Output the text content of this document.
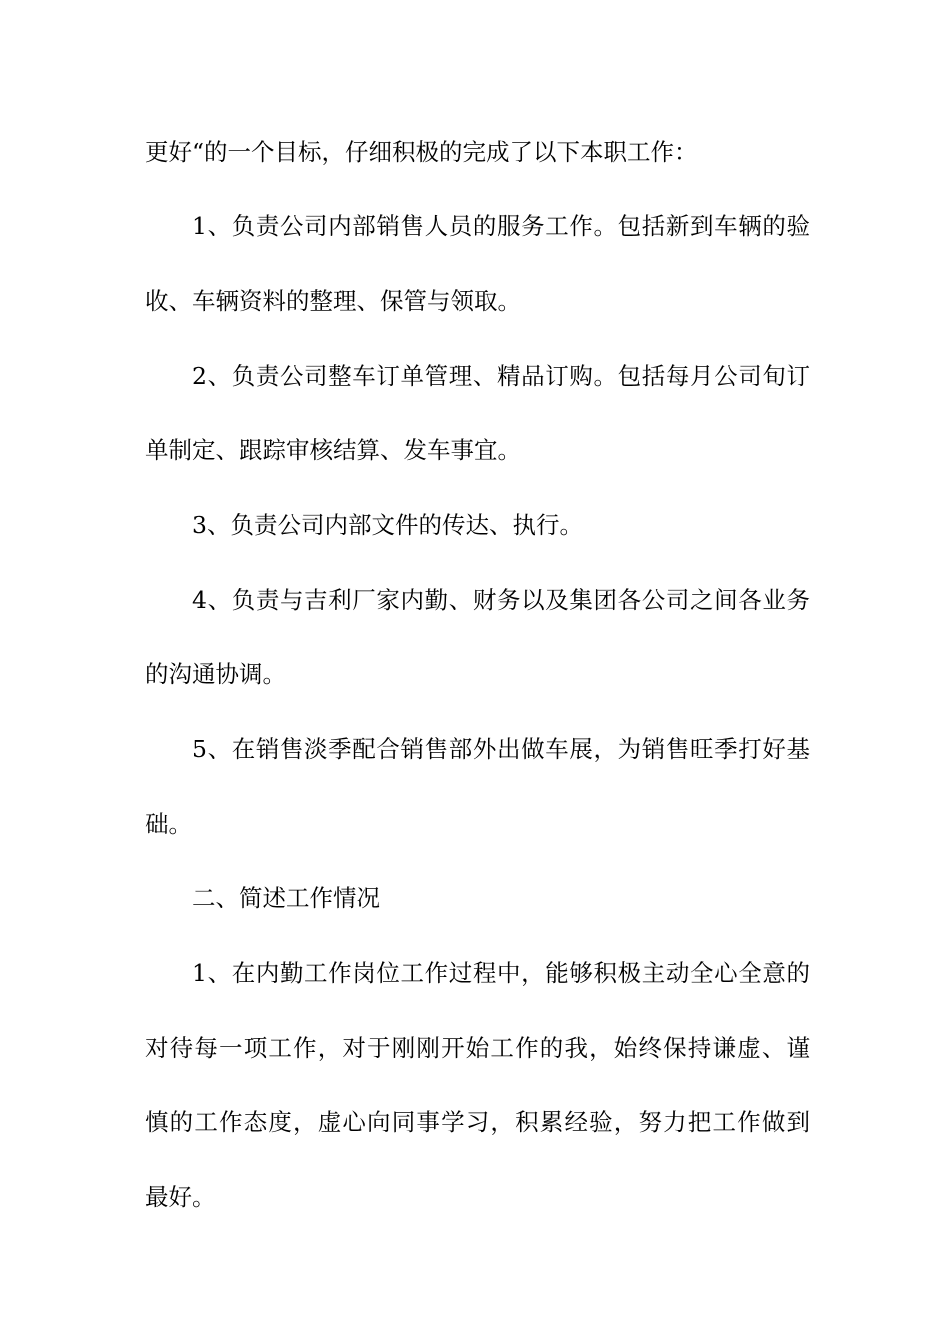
更好“的一个目标，仔细积极的完成了以下本职工作：
1、负责公司内部销售人员的服务工作。包括新到车辆的验
收、车辆资料的整理、保管与领取。
2、负责公司整车订单管理、精品订购。包括每月公司旬订
单制定、跟踪审核结算、发车事宜。
3、负责公司内部文件的传达、执行。
4、负责与吉利厂家内勤、财务以及集团各公司之间各业务
的沟通协调。
5、在销售淡季配合销售部外出做车展，为销售旺季打好基
础。
二、简述工作情况
1、在内勤工作岗位工作过程中，能够积极主动全心全意的
对待每一项工作，对于刚刚开始工作的我，始终保持谦虚、谨
慎的工作态度，虚心向同事学习，积累经验，努力把工作做到
最好。
